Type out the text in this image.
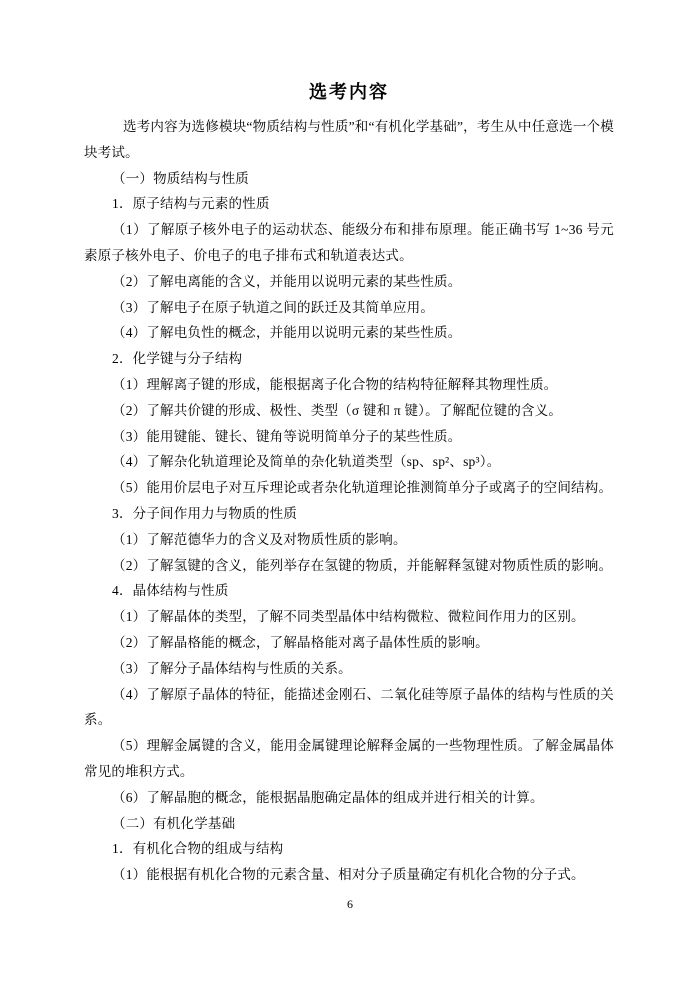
选考内容

选考内容为选修模块“物质结构与性质”和“有机化学基础”，考生从中任意选一个模块考试。

（一）物质结构与性质

1．原子结构与元素的性质

（1）了解原子核外电子的运动状态、能级分布和排布原理。能正确书写 1~36 号元素原子核外电子、价电子的电子排布式和轨道表达式。

（2）了解电离能的含义，并能用以说明元素的某些性质。

（3）了解电子在原子轨道之间的跃迁及其简单应用。

（4）了解电负性的概念，并能用以说明元素的某些性质。

2．化学键与分子结构

（1）理解离子键的形成，能根据离子化合物的结构特征解释其物理性质。

（2）了解共价键的形成、极性、类型（σ 键和 π 键）。了解配位键的含义。

（3）能用键能、键长、键角等说明简单分子的某些性质。

（4）了解杂化轨道理论及简单的杂化轨道类型（sp、sp²、sp³）。

（5）能用价层电子对互斥理论或者杂化轨道理论推测简单分子或离子的空间结构。

3．分子间作用力与物质的性质

（1）了解范德华力的含义及对物质性质的影响。

（2）了解氢键的含义，能列举存在氢键的物质，并能解释氢键对物质性质的影响。

4．晶体结构与性质

（1）了解晶体的类型，了解不同类型晶体中结构微粒、微粒间作用力的区别。

（2）了解晶格能的概念，了解晶格能对离子晶体性质的影响。

（3）了解分子晶体结构与性质的关系。

（4）了解原子晶体的特征，能描述金刚石、二氧化硅等原子晶体的结构与性质的关系。

（5）理解金属键的含义，能用金属键理论解释金属的一些物理性质。了解金属晶体常见的堆积方式。

（6）了解晶胞的概念，能根据晶胞确定晶体的组成并进行相关的计算。

（二）有机化学基础

1．有机化合物的组成与结构

（1）能根据有机化合物的元素含量、相对分子质量确定有机化合物的分子式。

6
